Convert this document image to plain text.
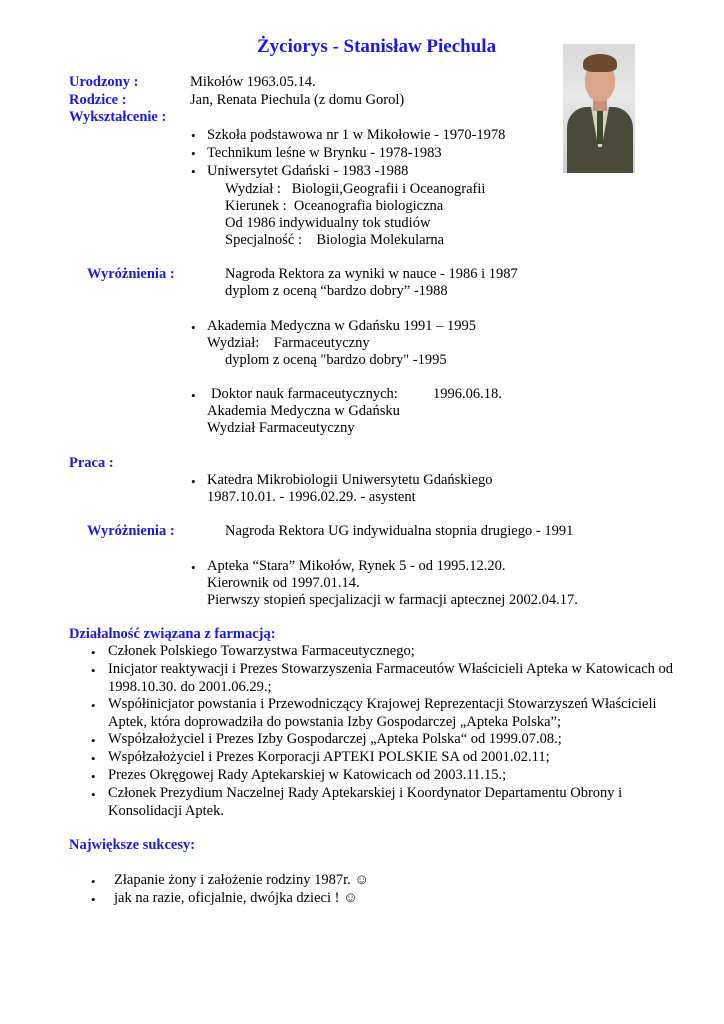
Życiorys - Stanisław Piechula
Urodzony :	Mikołów 1963.05.14.
Rodzice :	Jan, Renata Piechula (z domu Gorol)
Wykształcenie :
• Szkoła podstawowa nr 1 w Mikołowie - 1970-1978
• Technikum leśne w Brynku - 1978-1983
• Uniwersytet Gdański - 1983 -1988
Wydział :   Biologii,Geografii i Oceanografii
Kierunek :  Oceanografia biologiczna
Od 1986 indywidualny tok studiów
Specjalność :    Biologia Molekularna
Wyróżnienia :	Nagroda Rektora za wyniki w nauce - 1986 i 1987
dyplom z oceną “bardzo dobry” -1988
• Akademia Medyczna w Gdańsku 1991 – 1995
Wydział:    Farmaceutyczny
dyplom z oceną "bardzo dobry" -1995
• Doktor nauk farmaceutycznych: 1996.06.18.
Akademia Medyczna w Gdańsku
Wydział Farmaceutyczny
Praca :
• Katedra Mikrobiologii Uniwersytetu Gdańskiego
1987.10.01. - 1996.02.29. - asystent
Wyróżnienia :	Nagroda Rektora UG indywidualna stopnia drugiego - 1991
• Apteka “Stara” Mikołów, Rynek 5 - od 1995.12.20.
Kierownik od 1997.01.14.
Pierwszy stopień specjalizacji w farmacji aptecznej 2002.04.17.
Działalność związana z farmacją:
• Członek Polskiego Towarzystwa Farmaceutycznego;
• Inicjator reaktywacji i Prezes Stowarzyszenia Farmaceutów Właścicieli Apteka w Katowicach od
1998.10.30. do 2001.06.29.;
• Współinicjator powstania i Przewodniczący Krajowej Reprezentacji Stowarzyszeń Właścicieli
Aptek, która doprowadziła do powstania Izby Gospodarczej „Apteka Polska”;
• Współzałożyciel i Prezes Izby Gospodarczej „Apteka Polska“ od 1999.07.08.;
• Współzałożyciel i Prezes Korporacji APTEKI POLSKIE SA od 2001.02.11;
• Prezes Okręgowej Rady Aptekarskiej w Katowicach od 2003.11.15.;
• Członek Prezydium Naczelnej Rady Aptekarskiej i Koordynator Departamentu Obrony i
Konsolidacji Aptek.
Największe sukcesy:
• Złapanie żony i założenie rodziny 1987r. ☺
• jak na razie, oficjalnie, dwójka dzieci ! ☺
